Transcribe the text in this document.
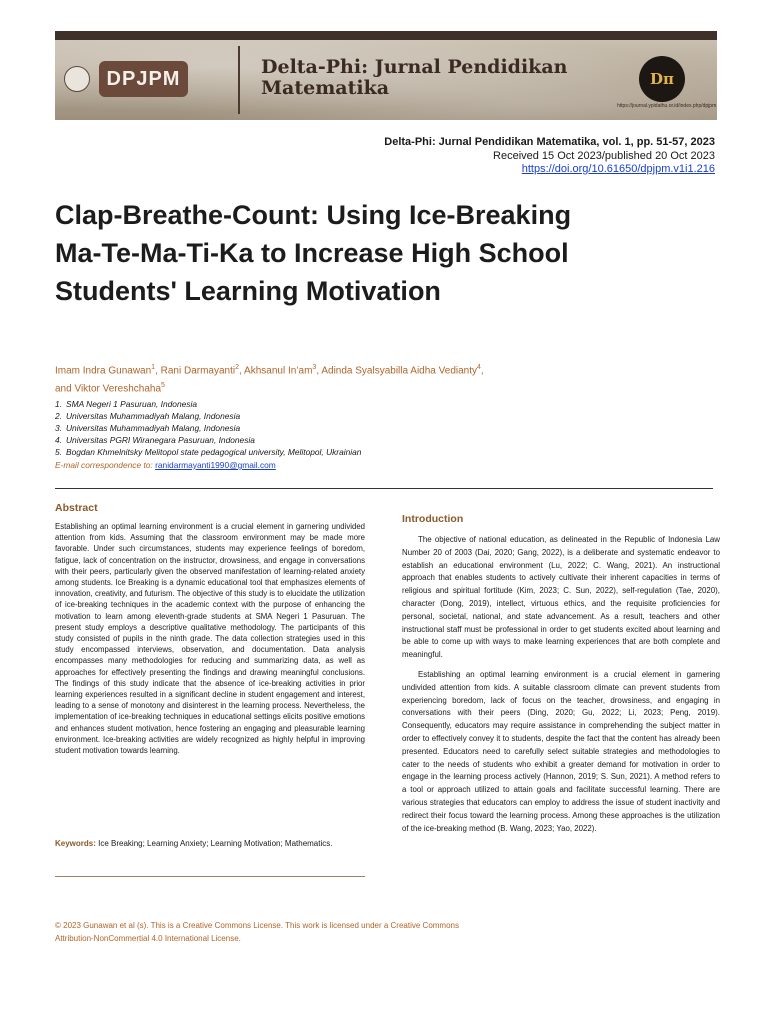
DPJPM
Delta-Phi: Jurnal Pendidikan Matematika	Dπ
https://journal.ypidathu.or.id/index.php/dpjpm
Delta-Phi: Jurnal Pendidikan Matematika, vol. 1, pp. 51-57, 2023
Received 15 Oct 2023/published 20 Oct 2023
https://doi.org/10.61650/dpjpm.v1i1.216
Clap-Breathe-Count: Using Ice-Breaking Ma-Te-Ma-Ti-Ka to Increase High School Students' Learning Motivation
Imam Indra Gunawan$^1$, Rani Darmayanti$^2$, Akhsanul $In’am^3$, Adinda Syalsyabilla Aidha Vedianty$^4$,
and Viktor Vereshchaha$^5$
1. SMA Negeri 1 Pasuruan, Indonesia
2. Universitas Muhammadiyah Malang, Indonesia
3. Universitas Muhammadiyah Malang, Indonesia
4. Universitas PGRI Wiranegara Pasuruan, Indonesia
5. Bogdan Khmelnitsky Melitopol state pedagogical university, Melitopol, Ukrainian
E-mail correspondence to: ranidarmayanti1990@gmail.com
Abstract
Establishing an optimal learning environment is a crucial element in garnering undivided attention from kids. Assuming that the classroom environment may be made more favorable. Under such circumstances, students may experience feelings of boredom, fatigue, lack of concentration on the instructor, drowsiness, and engage in conversations with their peers, particularly given the observed manifestation of learning-related anxiety among students. Ice Breaking is a dynamic educational tool that emphasizes elements of innovation, creativity, and futurism. The objective of this study is to elucidate the utilization of ice-breaking techniques in the academic context with the purpose of enhancing the motivation to learn among eleventh-grade students at SMA Negeri 1 Pasuruan. The present study employs a descriptive qualitative methodology. The participants of this study consisted of pupils in the ninth grade. The data collection strategies used in this study encompassed interviews, observation, and documentation. Data analysis encompasses many methodologies for reducing and summarizing data, as well as approaches for effectively presenting the findings and drawing meaningful conclusions. The findings of this study indicate that the absence of ice-breaking activities in prior learning experiences resulted in a significant decline in student engagement and interest, leading to a sense of monotony and disinterest in the learning process. Nevertheless, the implementation of ice-breaking techniques in educational settings elicits positive emotions and enhances student motivation, hence fostering an engaging and pleasurable learning environment. Ice-breaking activities are widely recognized as highly helpful in improving student motivation towards learning.
Keywords: Ice Breaking; Learning Anxiety; Learning Motivation; Mathematics.
Introduction

The objective of national education, as delineated in the Republic of Indonesia Law Number 20 of 2003 (Dai, 2020; Gang, 2022), is a deliberate and systematic endeavor to establish an educational environment (Lu, 2022; C. Wang, 2021). An instructional approach that enables students to actively cultivate their inherent capacities in terms of religious and spiritual fortitude (Kim, 2023; C. Sun, 2022), self-regulation (Tae, 2020), character (Dong, 2019), intellect, virtuous ethics, and the requisite proficiencies for personal, societal, national, and state advancement. As a result, teachers and other instructional staff must be professional in order to get students excited about learning and be able to come up with ways to make learning experiences that are both complete and meaningful.

Establishing an optimal learning environment is a crucial element in garnering undivided attention from kids. A suitable classroom climate can prevent students from experiencing boredom, lack of focus on the teacher, drowsiness, and engaging in conversations with their peers (Ding, 2020; Gu, 2022; Li, 2023; Peng, 2019). Consequently, educators may require assistance in comprehending the subject matter in order to effectively convey it to students, despite the fact that the content has already been presented. Educators need to carefully select suitable strategies and methodologies to cater to the needs of students who exhibit a greater demand for motivation in order to engage in the learning process actively (Hannon, 2019; S. Sun, 2021). A method refers to a tool or approach utilized to attain goals and facilitate successful learning. There are various strategies that educators can employ to address the issue of student inactivity and redirect their focus toward the learning process. Among these approaches is the utilization of the ice-breaking method (B. Wang, 2023; Yao, 2022).

© 2023 Gunawan et al (s). This is a Creative Commons License. This work is licensed under a Creative Commons
Attribution-NonCommertial 4.0 International License.
